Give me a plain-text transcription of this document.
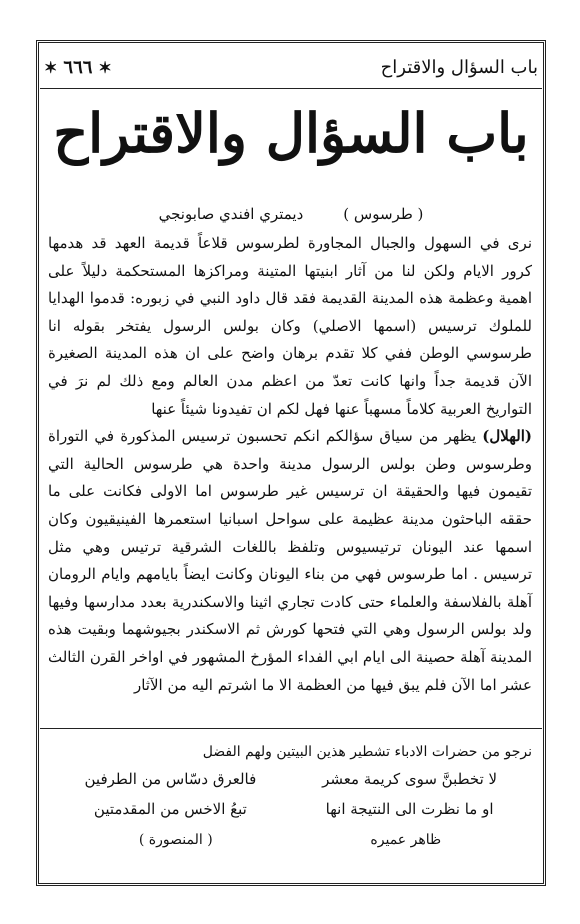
✶ ٦٦٦ ✶	باب السؤال والاقتراح
باب السؤال والاقتراح
( طرسوس )
ديمتري افندي صابونجي

نرى في السهول والجبال المجاورة لطرسوس قلاعاً قديمة العهد قد هدمها كرور الايام ولكن لنا من آثار ابنيتها المتينة ومراكزها المستحكمة دليلاً على اهمية وعظمة هذه المدينة القديمة فقد قال داود النبي في زبوره: قدموا الهدايا للملوك ترسيس (اسمها الاصلي) وكان بولس الرسول يفتخر بقوله انا طرسوسي الوطن ففي كلا تقدم برهان واضح على ان هذه المدينة الصغيرة الآن قديمة جداً وانها كانت تعدّ من اعظم مدن العالم ومع ذلك لم نرَ في التواريخ العربية كلاماً مسهباً عنها فهل لكم ان تفيدونا شيئاً عنها

(الهلال) يظهر من سياق سؤالكم انكم تحسبون ترسيس المذكورة في التوراة وطرسوس وطن بولس الرسول مدينة واحدة هي طرسوس الحالية التي تقيمون فيها والحقيقة ان ترسيس غير طرسوس اما الاولى فكانت على ما حققه الباحثون مدينة عظيمة على سواحل اسبانيا استعمرها الفينيقيون وكان اسمها عند اليونان ترتيسيوس وتلفظ باللغات الشرقية ترتيس وهي مثل ترسيس . اما طرسوس فهي من بناء اليونان وكانت ايضاً بايامهم وايام الرومان آهلة بالفلاسفة والعلماء حتى كادت تجاري اثينا والاسكندرية بعدد مدارسها وفيها ولد بولس الرسول وهي التي فتحها كورش ثم الاسكندر بجيوشهما وبقيت هذه المدينة آهلة حصينة الى ايام ابي الفداء المؤرخ المشهور في اواخر القرن الثالث عشر اما الآن فلم يبق فيها من العظمة الا ما اشرتم اليه من الآثار

نرجو من حضرات الادباء تشطير هذين البيتين ولهم الفضل
لا تخطبنَّ سوى كريمة معشر
فالعرق دسّاس من الطرفين
او ما نظرت الى النتيجة انها
تبعُ الاخس من المقدمتين
ظاهر عميره
( المنصورة )
